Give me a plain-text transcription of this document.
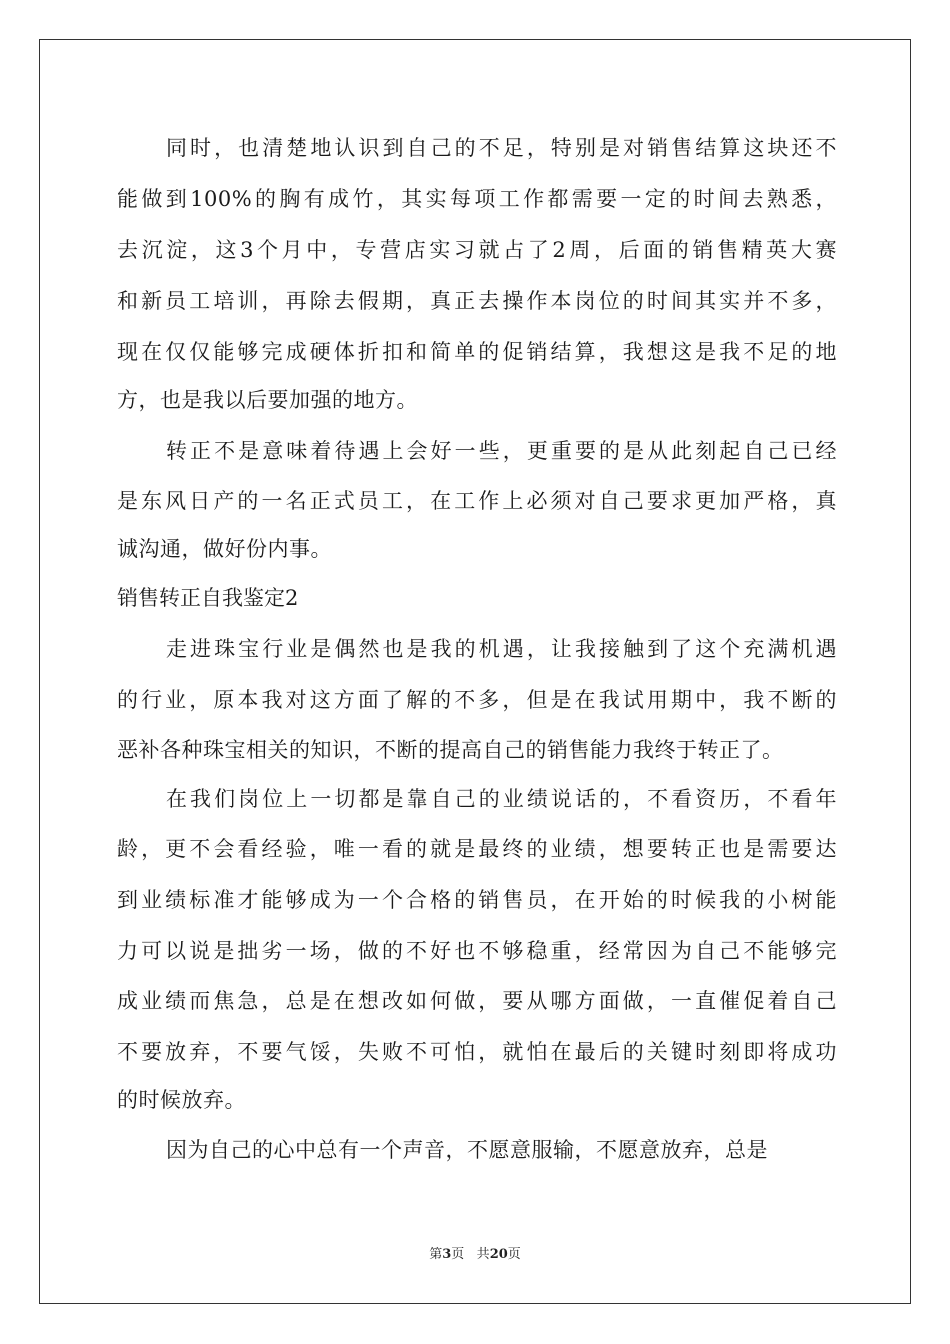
同时，也清楚地认识到自己的不足，特别是对销售结算这块还不
能做到100%的胸有成竹，其实每项工作都需要一定的时间去熟悉，
去沉淀，这3个月中，专营店实习就占了2周，后面的销售精英大赛
和新员工培训，再除去假期，真正去操作本岗位的时间其实并不多，
现在仅仅能够完成硬体折扣和简单的促销结算，我想这是我不足的地
方，也是我以后要加强的地方。
转正不是意味着待遇上会好一些，更重要的是从此刻起自己已经
是东风日产的一名正式员工，在工作上必须对自己要求更加严格，真
诚沟通，做好份内事。
销售转正自我鉴定2
走进珠宝行业是偶然也是我的机遇，让我接触到了这个充满机遇
的行业，原本我对这方面了解的不多，但是在我试用期中，我不断的
恶补各种珠宝相关的知识，不断的提高自己的销售能力我终于转正了。
在我们岗位上一切都是靠自己的业绩说话的，不看资历，不看年
龄，更不会看经验，唯一看的就是最终的业绩，想要转正也是需要达
到业绩标准才能够成为一个合格的销售员，在开始的时候我的小树能
力可以说是拙劣一场，做的不好也不够稳重，经常因为自己不能够完
成业绩而焦急，总是在想改如何做，要从哪方面做，一直催促着自己
不要放弃，不要气馁，失败不可怕，就怕在最后的关键时刻即将成功
的时候放弃。
因为自己的心中总有一个声音，不愿意服输，不愿意放弃，总是
第3页 共20页
